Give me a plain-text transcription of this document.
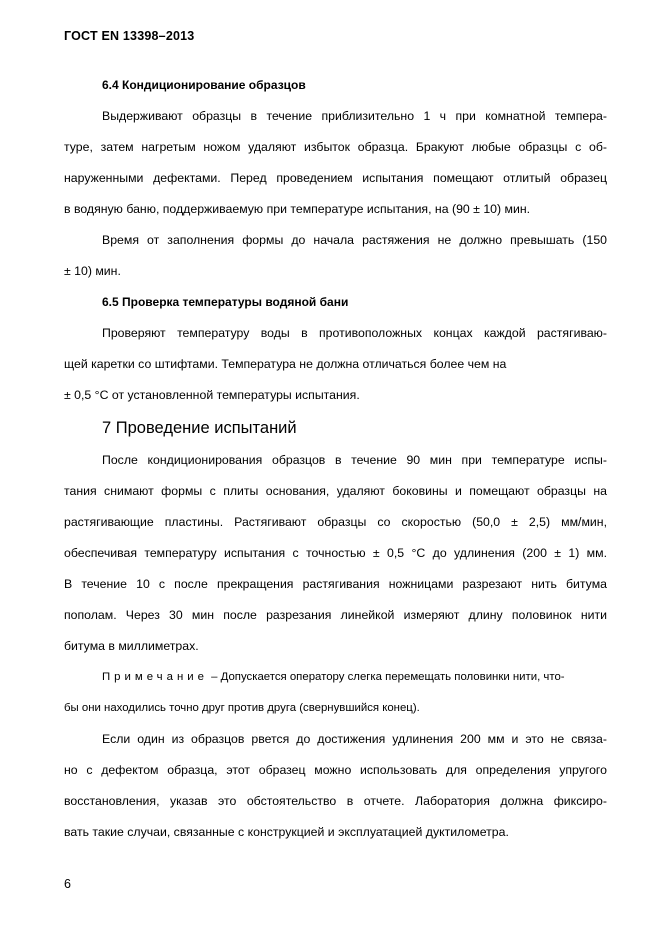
ГОСТ EN 13398–2013
6.4 Кондиционирование образцов
Выдерживают образцы в течение приблизительно 1 ч при комнатной темпера-
туре, затем нагретым ножом удаляют избыток образца. Бракуют любые образцы с об-
наруженными дефектами. Перед проведением испытания помещают отлитый образец
в водяную баню, поддерживаемую при температуре испытания, на (90 ± 10) мин.
Время от заполнения формы до начала растяжения не должно превышать (150
± 10) мин.
6.5 Проверка температуры водяной бани
Проверяют температуру воды в противоположных концах каждой растягиваю-
щей каретки со штифтами. Температура не должна отличаться более чем на
± 0,5 °С от установленной температуры испытания.
7 Проведение испытаний
После кондиционирования образцов в течение 90 мин при температуре испы-
тания снимают формы с плиты основания, удаляют боковины и помещают образцы на
растягивающие пластины. Растягивают образцы со скоростью (50,0 ± 2,5) мм/мин,
обеспечивая температуру испытания с точностью ± 0,5 °С до удлинения (200 ± 1) мм.
В течение 10 с после прекращения растягивания ножницами разрезают нить битума
пополам. Через 30 мин после разрезания линейкой измеряют длину половинок нити
битума в миллиметрах.
Примечание – Допускается оператору слегка перемещать половинки нити, что-
бы они находились точно друг против друга (свернувшийся конец).
Если один из образцов рвется до достижения удлинения 200 мм и это не связа-
но с дефектом образца, этот образец можно использовать для определения упругого
восстановления, указав это обстоятельство в отчете. Лаборатория должна фиксиро-
вать такие случаи, связанные с конструкцией и эксплуатацией дуктилометра.
6
